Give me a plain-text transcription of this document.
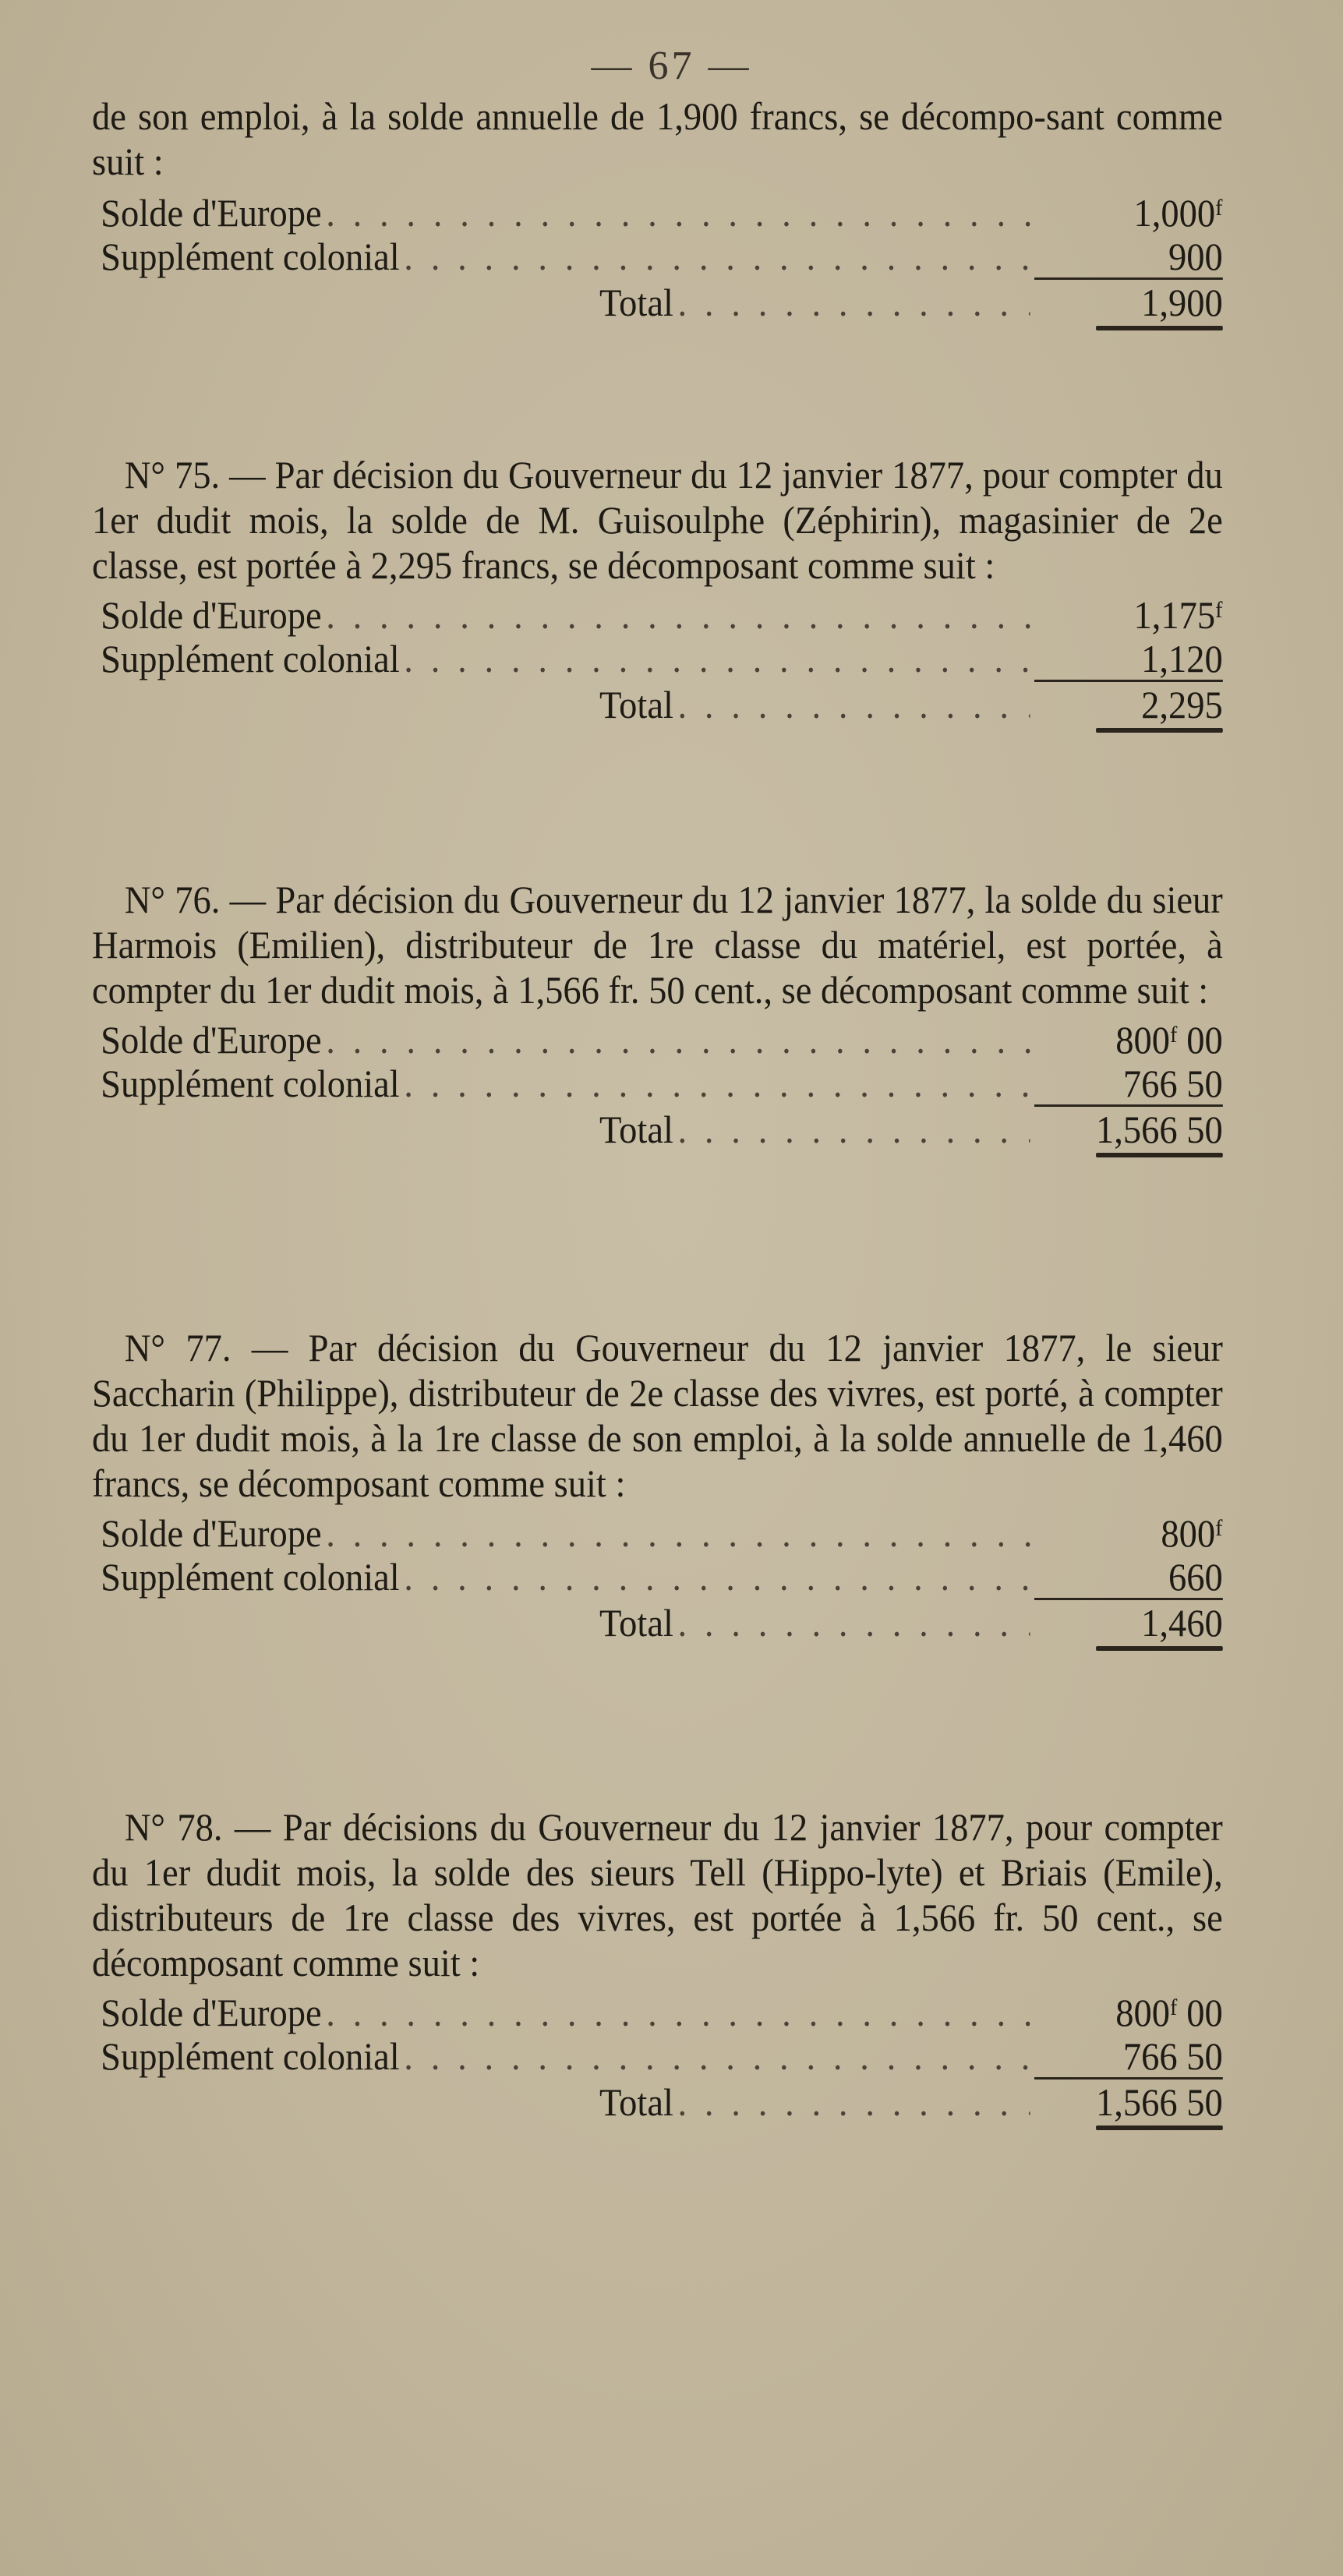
— 67 —

de son emploi, à la solde annuelle de 1,900 francs, se décompo-sant comme suit :

Solde d'Europe . . .	1,000ᶠ
Supplément colonial . . .	900
Total . . .	1,900

N° 75. — Par décision du Gouverneur du 12 janvier 1877, pour compter du 1er dudit mois, la solde de M. Guisoulphe (Zéphirin), magasinier de 2e classe, est portée à 2,295 francs, se décomposant comme suit :

Solde d'Europe . . .	1,175ᶠ
Supplément colonial . . .	1,120
Total . . .	2,295

N° 76. — Par décision du Gouverneur du 12 janvier 1877, la solde du sieur Harmois (Emilien), distributeur de 1re classe du matériel, est portée, à compter du 1er dudit mois, à 1,566 fr. 50 cent., se décomposant comme suit :

Solde d'Europe . . .	800ᶠ 00
Supplément colonial . . .	766 50
Total . . .	1,566 50

N° 77. — Par décision du Gouverneur du 12 janvier 1877, le sieur Saccharin (Philippe), distributeur de 2e classe des vivres, est porté, à compter du 1er dudit mois, à la 1re classe de son emploi, à la solde annuelle de 1,460 francs, se décomposant comme suit :

Solde d'Europe . . .	800ᶠ
Supplément colonial . . .	660
Total . . .	1,460

N° 78. — Par décisions du Gouverneur du 12 janvier 1877, pour compter du 1er dudit mois, la solde des sieurs Tell (Hippo-lyte) et Briais (Emile), distributeurs de 1re classe des vivres, est portée à 1,566 fr. 50 cent., se décomposant comme suit :

Solde d'Europe . . .	800ᶠ 00
Supplément colonial . . .	766 50
Total . . .	1,566 50
